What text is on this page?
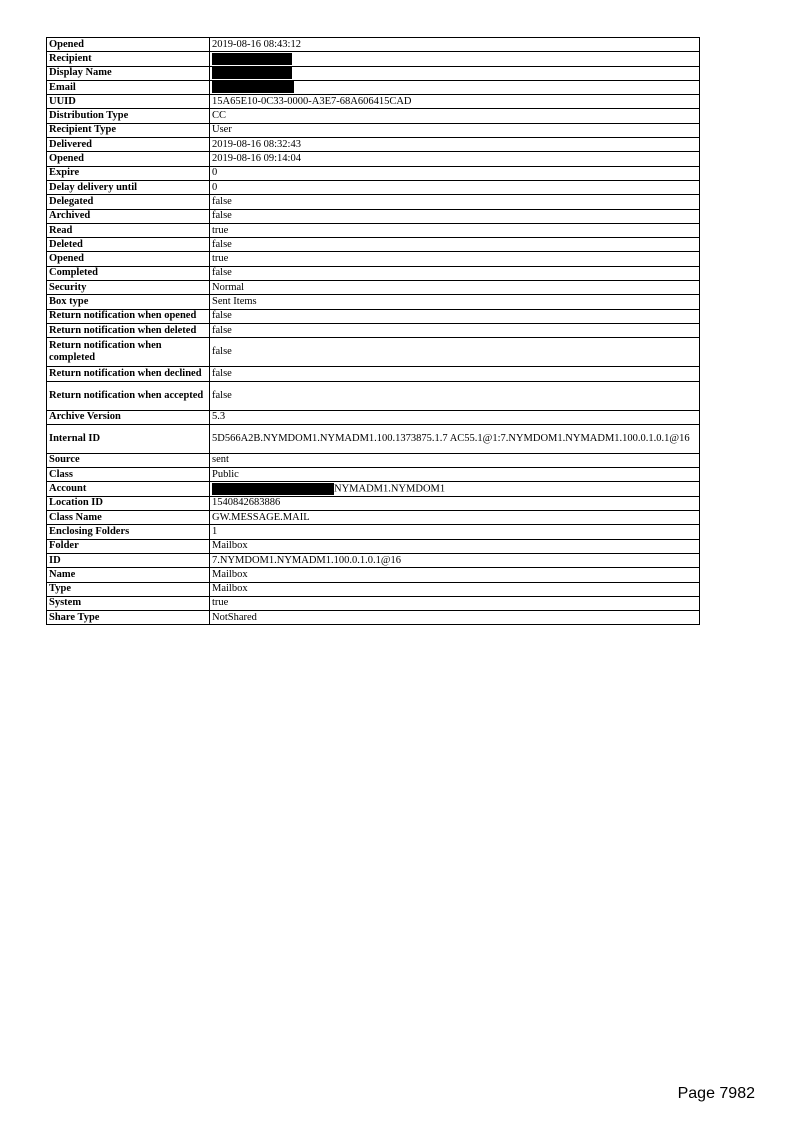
Opened	2019-08-16 08:43:12
Recipient	
Display Name	
Email	
UUID	15A65E10-0C33-0000-A3E7-68A606415CAD
Distribution Type	CC
Recipient Type	User
Delivered	2019-08-16 08:32:43
Opened	2019-08-16 09:14:04
Expire	0
Delay delivery until	0
Delegated	false
Archived	false
Read	true
Deleted	false
Opened	true
Completed	false
Security	Normal
Box type	Sent Items
Return notification when opened	false
Return notification when deleted	false
Return notification when completed	false
Return notification when declined	false
Return notification when accepted	false
Archive Version	5.3
Internal ID	5D566A2B.NYMDOM1.NYMADM1.100.1373875.1.7 AC55.1@1:7.NYMDOM1.NYMADM1.100.0.1.0.1@16
Source	sent
Class	Public
Account	NYMADM1.NYMDOM1
Location ID	1540842683886
Class Name	GW.MESSAGE.MAIL
Enclosing Folders	1
Folder	Mailbox
ID	7.NYMDOM1.NYMADM1.100.0.1.0.1@16
Name	Mailbox
Type	Mailbox
System	true
Share Type	NotShared
Page 7982
